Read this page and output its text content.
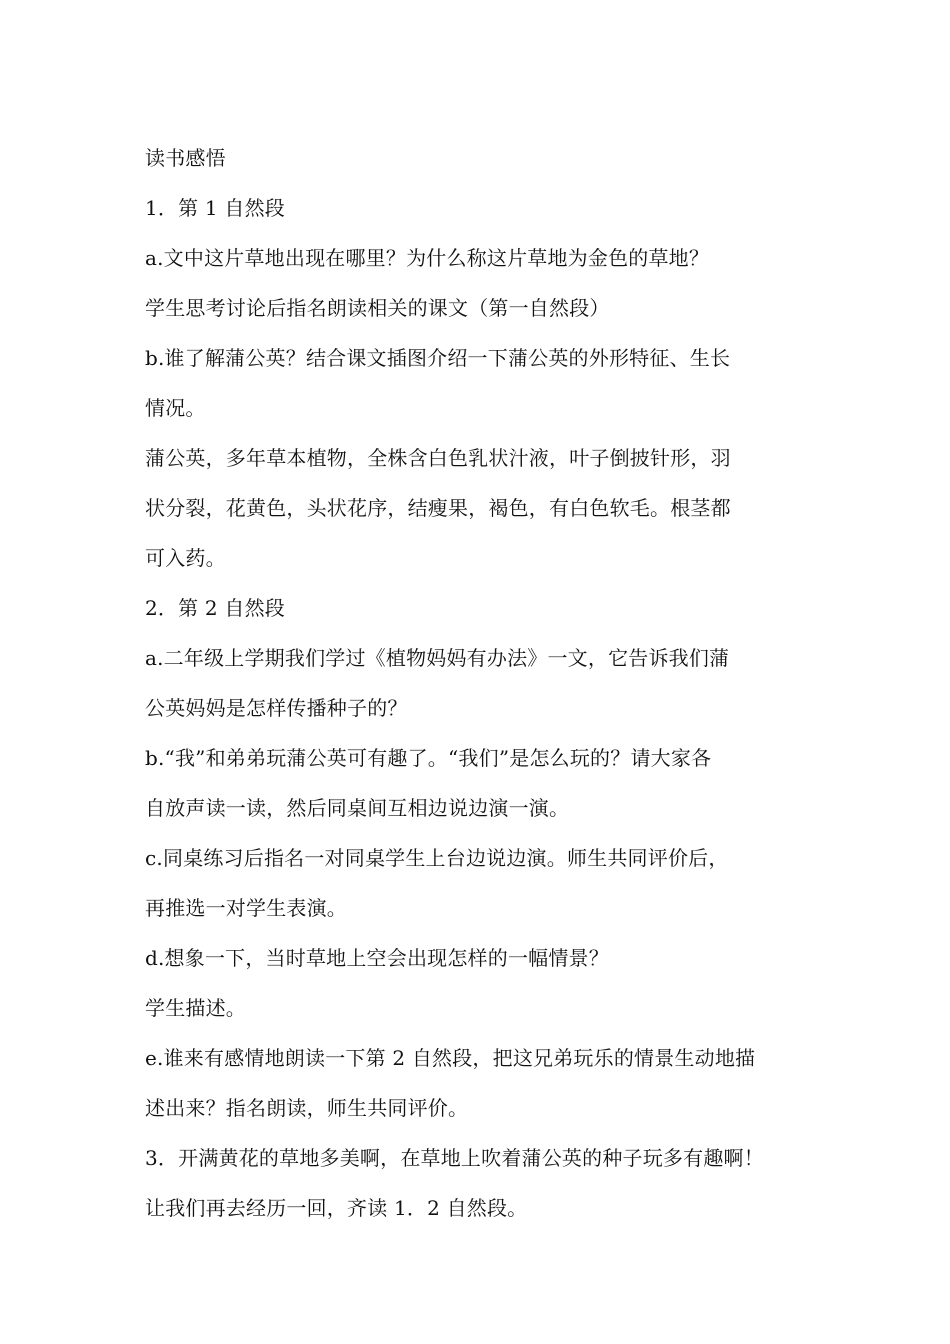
读书感悟
1．第 1 自然段
a.文中这片草地出现在哪里？为什么称这片草地为金色的草地？
学生思考讨论后指名朗读相关的课文（第一自然段）
b.谁了解蒲公英？结合课文插图介绍一下蒲公英的外形特征、生长
情况。
蒲公英，多年草本植物，全株含白色乳状汁液，叶子倒披针形，羽
状分裂，花黄色，头状花序，结瘦果，褐色，有白色软毛。根茎都
可入药。
2．第 2 自然段
a.二年级上学期我们学过《植物妈妈有办法》一文，它告诉我们蒲
公英妈妈是怎样传播种子的？
b.“我”和弟弟玩蒲公英可有趣了。“我们”是怎么玩的？请大家各
自放声读一读，然后同桌间互相边说边演一演。
c.同桌练习后指名一对同桌学生上台边说边演。师生共同评价后，
再推选一对学生表演。
d.想象一下，当时草地上空会出现怎样的一幅情景？
学生描述。
e.谁来有感情地朗读一下第 2 自然段，把这兄弟玩乐的情景生动地描
述出来？指名朗读，师生共同评价。
3．开满黄花的草地多美啊，在草地上吹着蒲公英的种子玩多有趣啊！
让我们再去经历一回，齐读 1．2 自然段。
